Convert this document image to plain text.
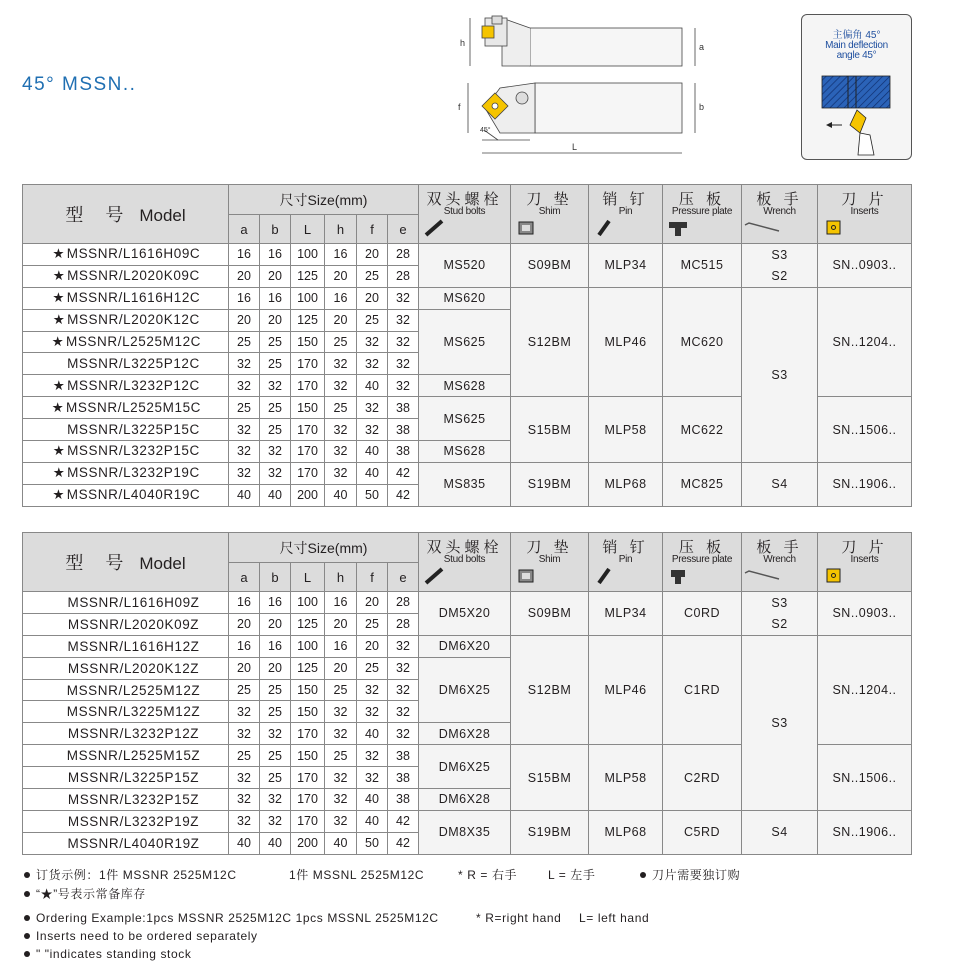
45° MSSN..
h	a
f	b
L
45°
主偏角 45°
Main deflection
angle 45°
型　号 Model	尺寸Size(mm)						双头螺栓
Stud bolts	刀 垫
Shim	销 钉
Pin	压 板
Pressure plate	板 手
Wrench	刀 片
Inserts

	a	b	L	h	f	e						
★ MSSNR/L1616H09C	16	16	100	16	20	28	MS520	S09BM	MLP34	MC515	S3	SN..0903..
★ MSSNR/L2020K09C	20	20	125	20	25	28					S2	
★ MSSNR/L1616H12C	16	16	100	16	20	32	MS620	S12BM	MLP46	MC620	S3	SN..1204..
★ MSSNR/L2020K12C	20	20	125	20	25	32	MS625					
★ MSSNR/L2525M12C	25	25	150	25	32	32						
MSSNR/L3225P12C	32	25	170	32	32	32						
★ MSSNR/L3232P12C	32	32	170	32	40	32	MS628					
★ MSSNR/L2525M15C	25	25	150	25	32	38	MS625	S15BM	MLP58	MC622		SN..1506..
MSSNR/L3225P15C	32	25	170	32	32	38						
★ MSSNR/L3232P15C	32	32	170	32	40	38	MS628					
★ MSSNR/L3232P19C	32	32	170	32	40	42	MS835	S19BM	MLP68	MC825	S4	SN..1906..
★ MSSNR/L4040R19C	40	40	200	40	50	42						
型　号 Model	尺寸Size(mm)						双头螺栓
Stud bolts	刀 垫
Shim	销 钉
Pin	压 板
Pressure plate	板 手
Wrench	刀 片
Inserts

	a	b	L	h	f	e						
MSSNR/L1616H09Z	16	16	100	16	20	28	DM5X20	S09BM	MLP34	C0RD	S3	SN..0903..
MSSNR/L2020K09Z	20	20	125	20	25	28					S2	
MSSNR/L1616H12Z	16	16	100	16	20	32	DM6X20	S12BM	MLP46	C1RD	S3	SN..1204..
MSSNR/L2020K12Z	20	20	125	20	25	32	DM6X25					
MSSNR/L2525M12Z	25	25	150	25	32	32						
MSSNR/L3225M12Z	32	25	150	32	32	32						
MSSNR/L3232P12Z	32	32	170	32	40	32	DM6X28					
MSSNR/L2525M15Z	25	25	150	25	32	38	DM6X25	S15BM	MLP58	C2RD		SN..1506..
MSSNR/L3225P15Z	32	25	170	32	32	38						
MSSNR/L3232P15Z	32	32	170	32	40	38	DM6X28					
MSSNR/L3232P19Z	32	32	170	32	40	42	DM8X35	S19BM	MLP68	C5RD	S4	SN..1906..
MSSNR/L4040R19Z	40	40	200	40	50	42						
订货示例：1件 MSSNR 2525M12C	1件 MSSNL 2525M12C	* R = 右手	L = 左手	刀片需要独订购
“★”号表示常备库存
Ordering Example:1pcs MSSNR 2525M12C 1pcs MSSNL 2525M12C	* R=right hand L= left hand
Inserts need to be ordered separately
" "indicates standing stock
